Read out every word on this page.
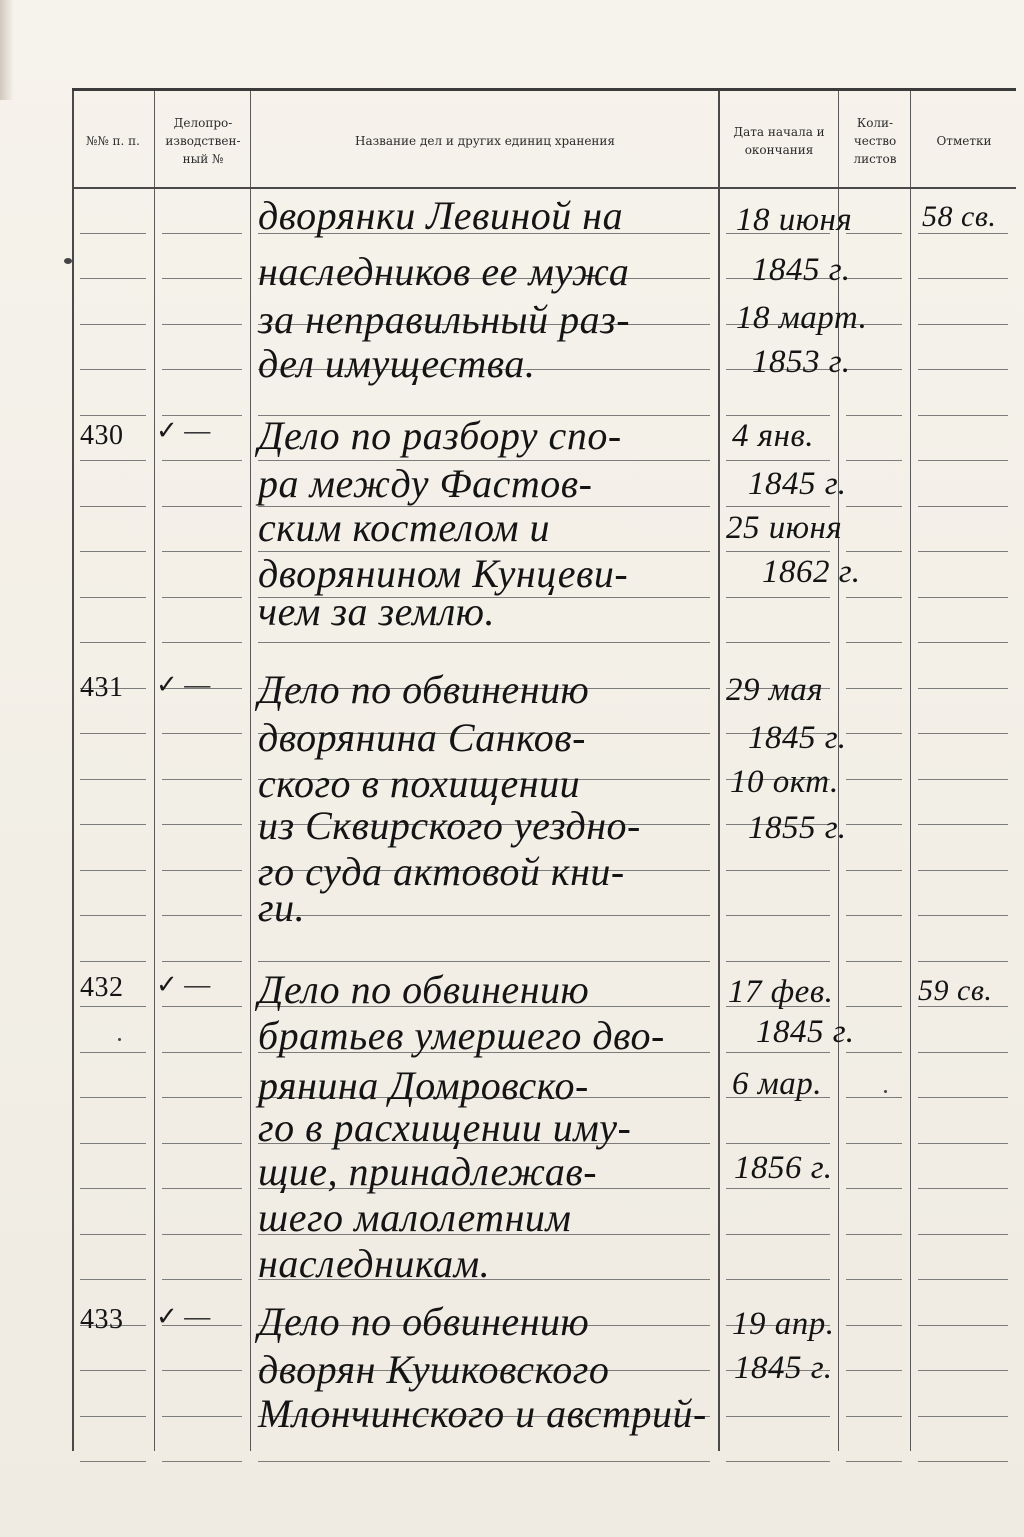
№№ п. п.
Делопро-изводствен-ный №
Название дел и других единиц хранения
Дата начала и окончания
Коли-чество листов
Отметки
дворянки Левиной на
наследников ее мужа
за неправильный раз-
дел имущества.
18 июня
1845 г.
18 март.
1853 г.
58 св.
430 ✓ — Дело по разбору спо-
ра между Фастов-
ским костелом и
дворянином Кунцеви-
чем за землю.
4 янв.
1845 г.
25 июня
1862 г.
431 ✓ — Дело по обвинению
дворянина Санков-
ского в похищении
из Сквирского уездно-
го суда актовой кни-
ги.
29 мая
1845 г.
10 окт.
1855 г.
432 ✓ — Дело по обвинению
братьев умершего дво-
рянина Домровско-
го в расхищении иму-
щие, принадлежав-
шего малолетним
наследникам.
17 фев.
1845 г.
6 мар.
1856 г.
59 св.
433 ✓ — Дело по обвинению
дворян Кушковского
Млончинского и австрий-
19 апр.
1845 г.
